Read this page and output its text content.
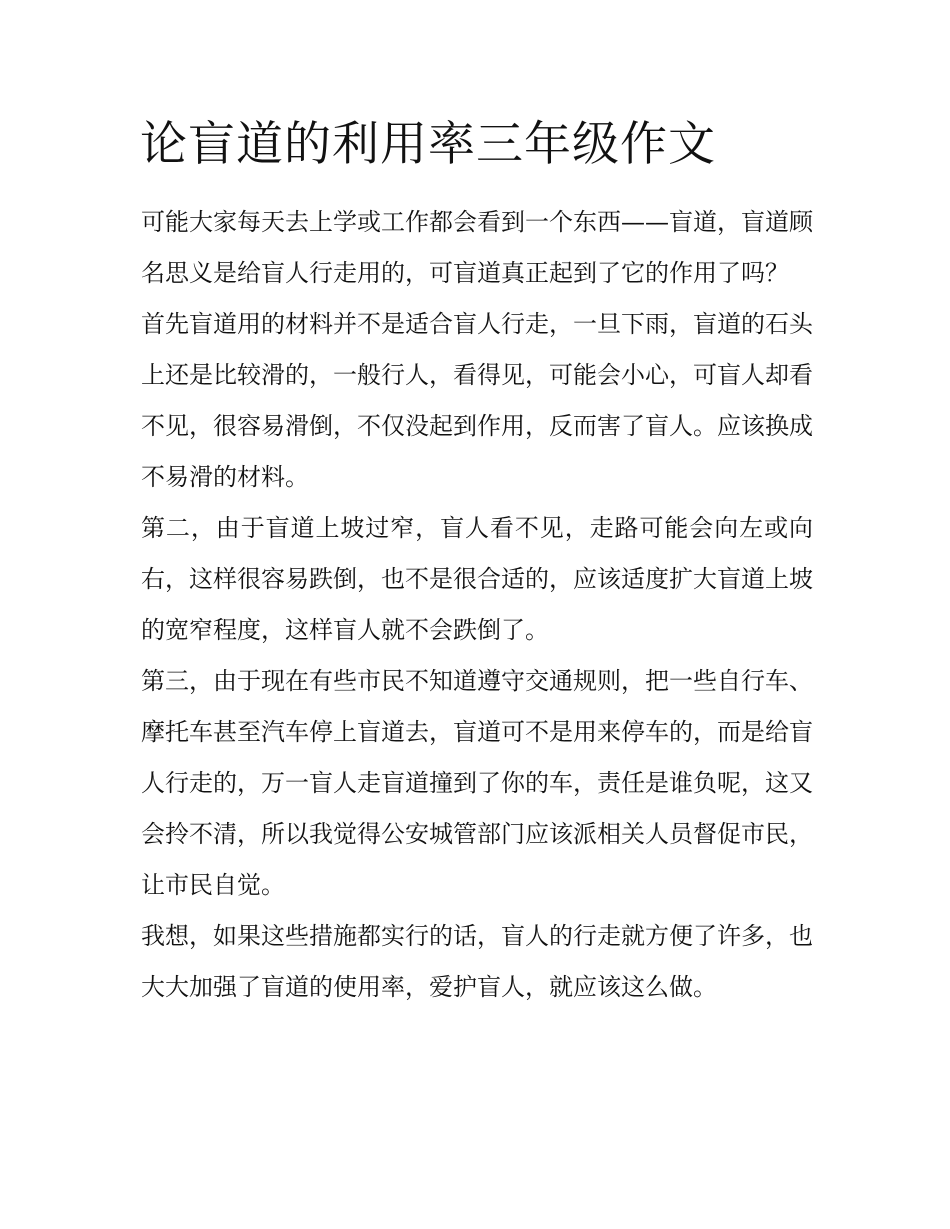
论盲道的利用率三年级作文

可能大家每天去上学或工作都会看到一个东西——盲道，盲道顾名思义是给盲人行走用的，可盲道真正起到了它的作用了吗？

首先盲道用的材料并不是适合盲人行走，一旦下雨，盲道的石头上还是比较滑的，一般行人，看得见，可能会小心，可盲人却看不见，很容易滑倒，不仅没起到作用，反而害了盲人。应该换成不易滑的材料。

第二，由于盲道上坡过窄，盲人看不见，走路可能会向左或向右，这样很容易跌倒，也不是很合适的，应该适度扩大盲道上坡的宽窄程度，这样盲人就不会跌倒了。

第三，由于现在有些市民不知道遵守交通规则，把一些自行车、摩托车甚至汽车停上盲道去，盲道可不是用来停车的，而是给盲人行走的，万一盲人走盲道撞到了你的车，责任是谁负呢，这又会拎不清，所以我觉得公安城管部门应该派相关人员督促市民，让市民自觉。

我想，如果这些措施都实行的话，盲人的行走就方便了许多，也大大加强了盲道的使用率，爱护盲人，就应该这么做。
